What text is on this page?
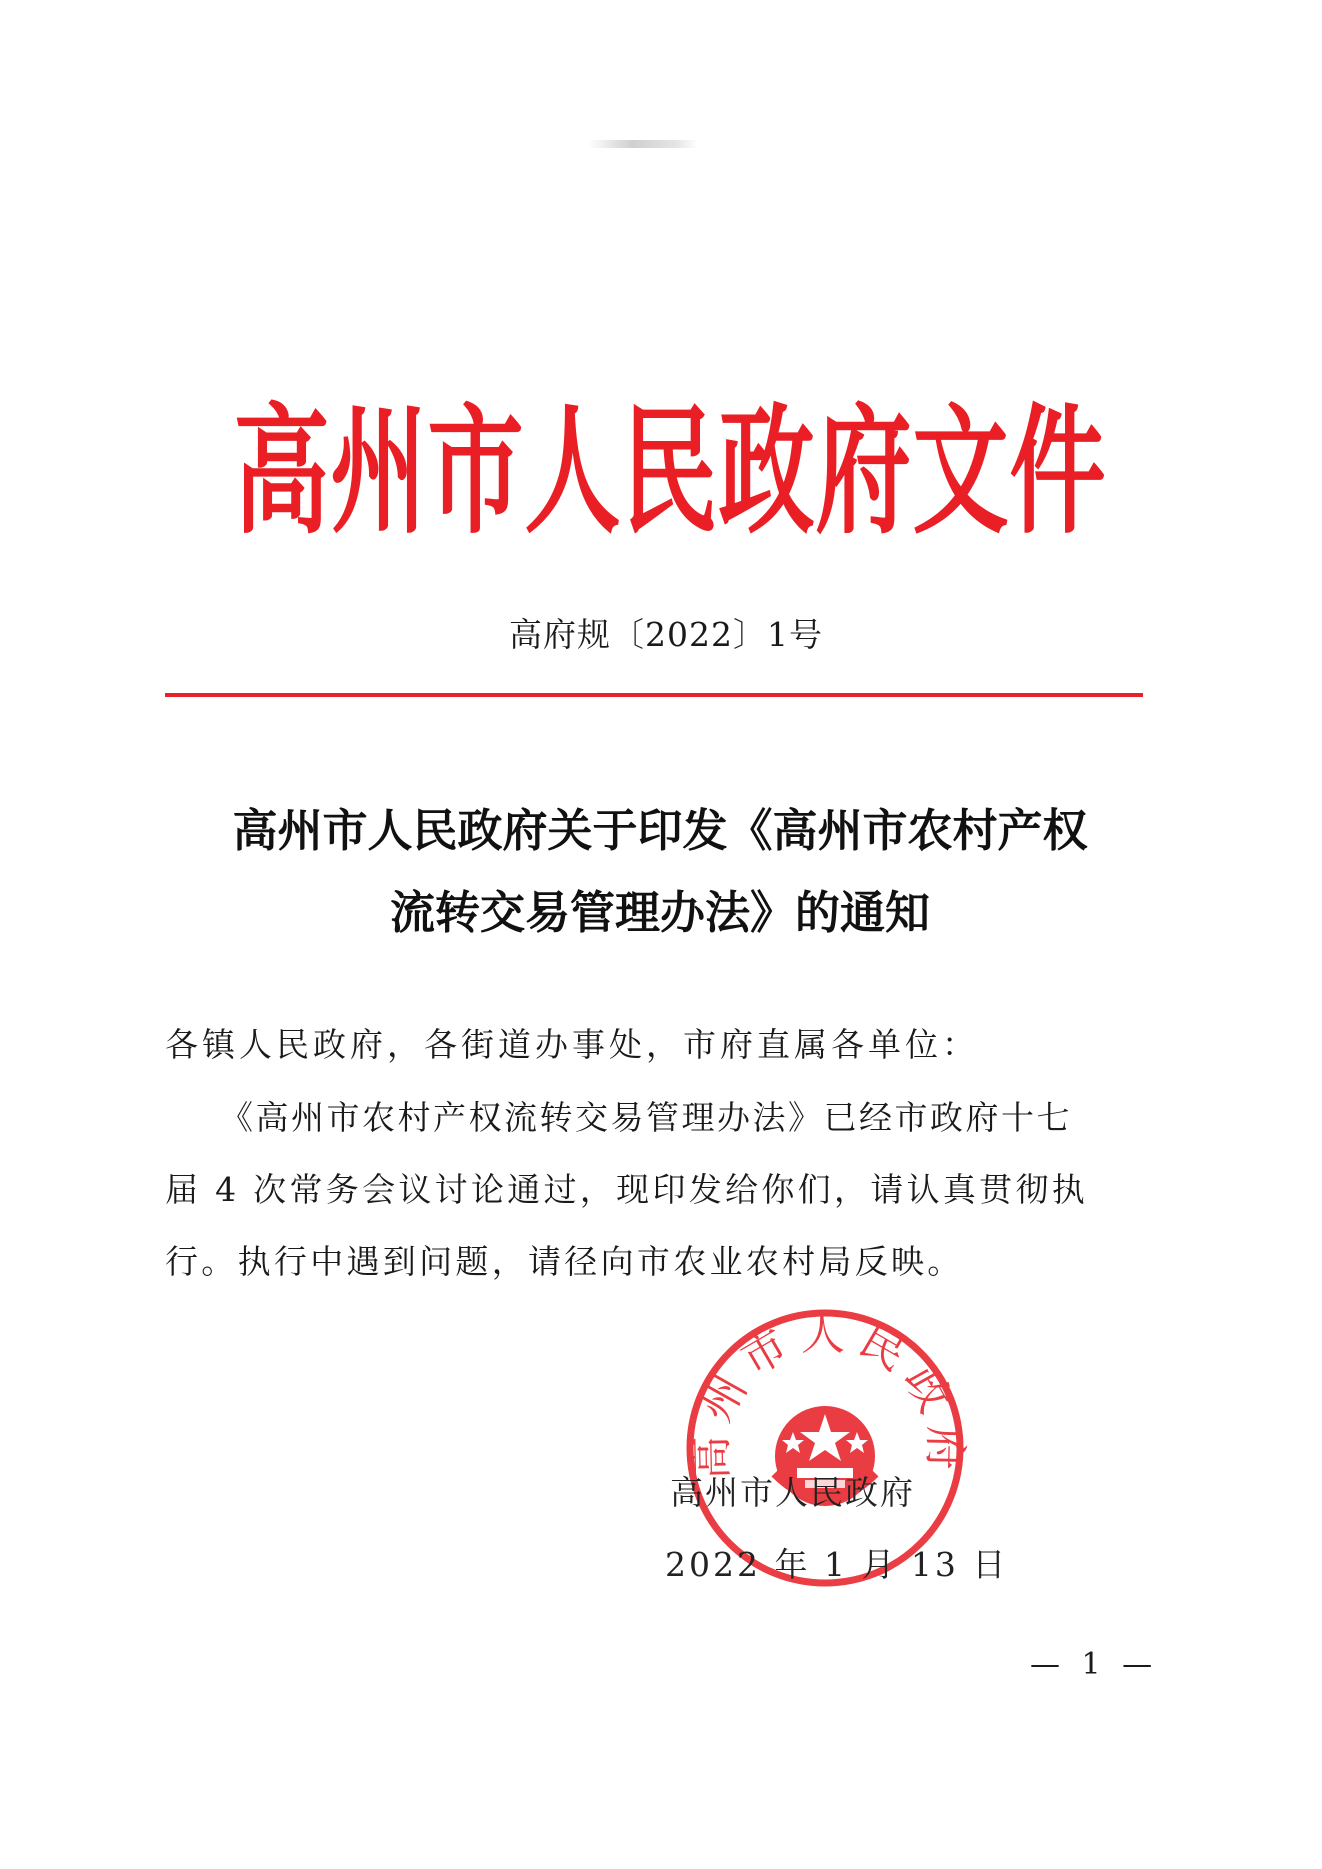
高州市人民政府文件
高府规〔2022〕1号
高州市人民政府关于印发《高州市农村产权
流转交易管理办法》的通知
各镇人民政府，各街道办事处，市府直属各单位：
《高州市农村产权流转交易管理办法》已经市政府十七
届 4 次常务会议讨论通过，现印发给你们，请认真贯彻执
行。执行中遇到问题，请径向市农业农村局反映。
高州市人民政府
高州市人民政府
2022 年 1 月 13 日
— 1 —
